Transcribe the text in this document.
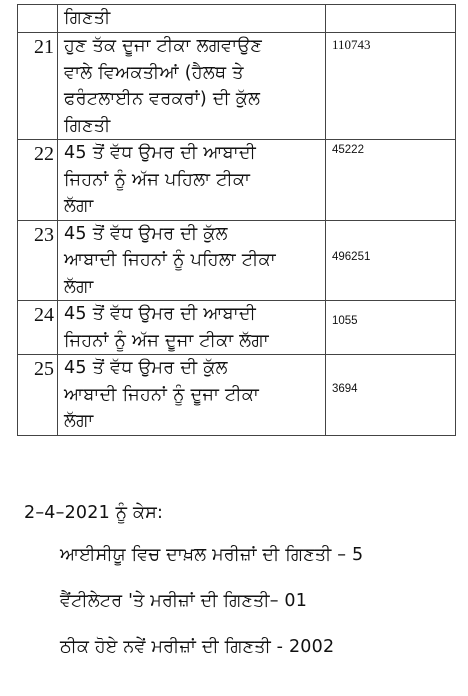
	ਗਿਣਤੀ	

21	ਹੁਣ ਤੱਕ ਦੂਜਾ ਟੀਕਾ ਲਗਵਾਉਣ
ਵਾਲੇ ਵਿਅਕਤੀਆਂ (ਹੈਲਥ ਤੇ
ਫਰੰਟਲਾਈਨ ਵਰਕਰਾਂ) ਦੀ ਕੁੱਲ
ਗਿਣਤੀ	110743
22	45 ਤੋਂ ਵੱਧ ਉਮਰ ਦੀ ਆਬਾਦੀ
ਜਿਹਨਾਂ ਨੂੰ ਅੱਜ ਪਹਿਲਾ ਟੀਕਾ
ਲੱਗਾ	45222
23	45 ਤੋਂ ਵੱਧ ਉਮਰ ਦੀ ਕੁੱਲ
ਆਬਾਦੀ ਜਿਹਨਾਂ ਨੂੰ ਪਹਿਲਾ ਟੀਕਾ
ਲੱਗਾ	496251
24	45 ਤੋਂ ਵੱਧ ਉਮਰ ਦੀ ਆਬਾਦੀ
ਜਿਹਨਾਂ ਨੂੰ ਅੱਜ ਦੂਜਾ ਟੀਕਾ ਲੱਗਾ	1055
25	45 ਤੋਂ ਵੱਧ ਉਮਰ ਦੀ ਕੁੱਲ
ਆਬਾਦੀ ਜਿਹਨਾਂ ਨੂੰ ਦੂਜਾ ਟੀਕਾ
ਲੱਗਾ	3694
2–4–2021 ਨੂੰ ਕੇਸ:
ਆਈਸੀਯੂ ਵਿਚ ਦਾਖ਼ਲ ਮਰੀਜ਼ਾਂ ਦੀ ਗਿਣਤੀ – 5
ਵੈਂਟੀਲੇਟਰ 'ਤੇ ਮਰੀਜ਼ਾਂ ਦੀ ਗਿਣਤੀ– 01
ਠੀਕ ਹੋਏ ਨਵੇਂ ਮਰੀਜ਼ਾਂ ਦੀ ਗਿਣਤੀ - 2002
